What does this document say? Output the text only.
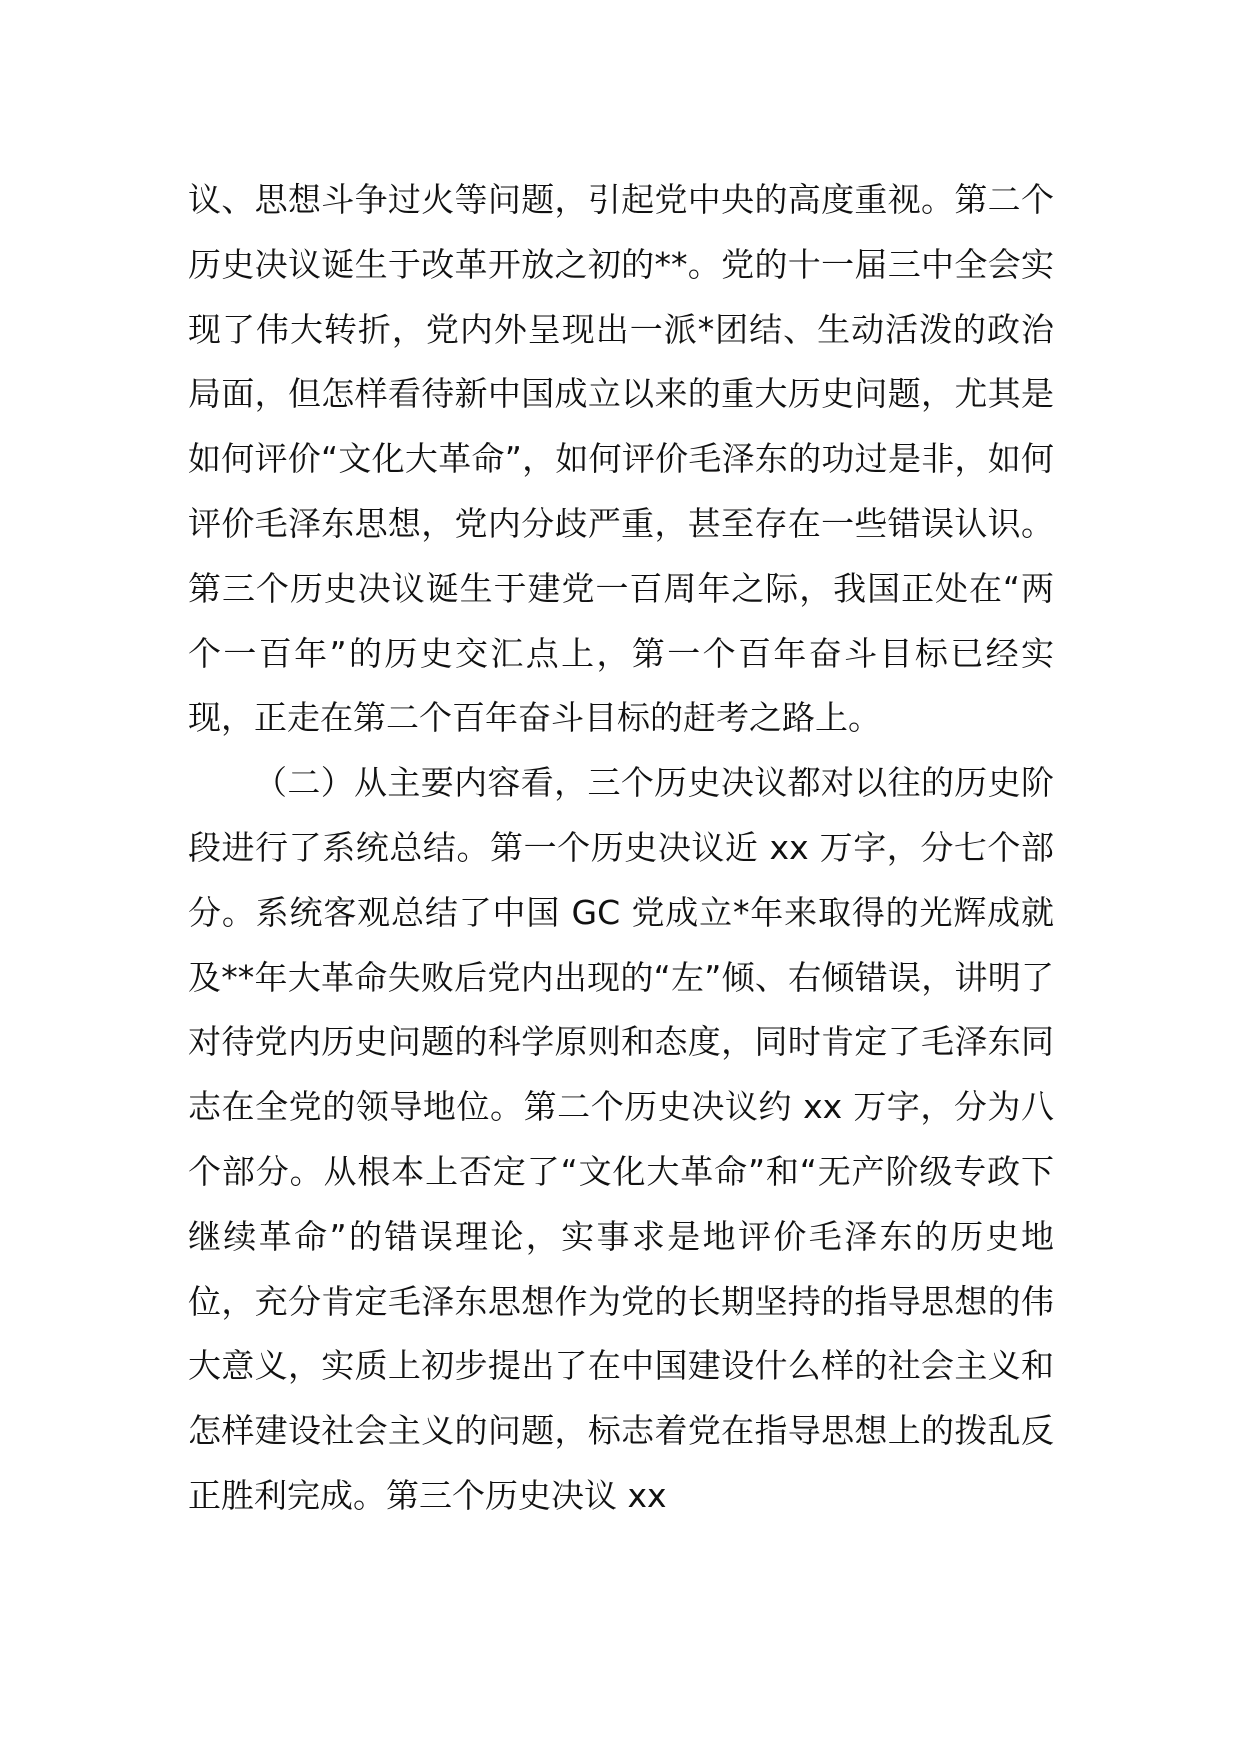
议、思想斗争过火等问题，引起党中央的高度重视。第二个历史决议诞生于改革开放之初的**。党的十一届三中全会实现了伟大转折，党内外呈现出一派*团结、生动活泼的政治局面，但怎样看待新中国成立以来的重大历史问题，尤其是如何评价“文化大革命”，如何评价毛泽东的功过是非，如何评价毛泽东思想，党内分歧严重，甚至存在一些错误认识。第三个历史决议诞生于建党一百周年之际，我国正处在“两个一百年”的历史交汇点上，第一个百年奋斗目标已经实现，正走在第二个百年奋斗目标的赶考之路上。

（二）从主要内容看，三个历史决议都对以往的历史阶段进行了系统总结。第一个历史决议近 xx 万字，分七个部分。系统客观总结了中国 GC 党成立*年来取得的光辉成就及**年大革命失败后党内出现的“左”倾、右倾错误，讲明了对待党内历史问题的科学原则和态度，同时肯定了毛泽东同志在全党的领导地位。第二个历史决议约 xx 万字，分为八个部分。从根本上否定了“文化大革命”和“无产阶级专政下继续革命”的错误理论，实事求是地评价毛泽东的历史地位，充分肯定毛泽东思想作为党的长期坚持的指导思想的伟大意义，实质上初步提出了在中国建设什么样的社会主义和怎样建设社会主义的问题，标志着党在指导思想上的拨乱反正胜利完成。第三个历史决议 xx
